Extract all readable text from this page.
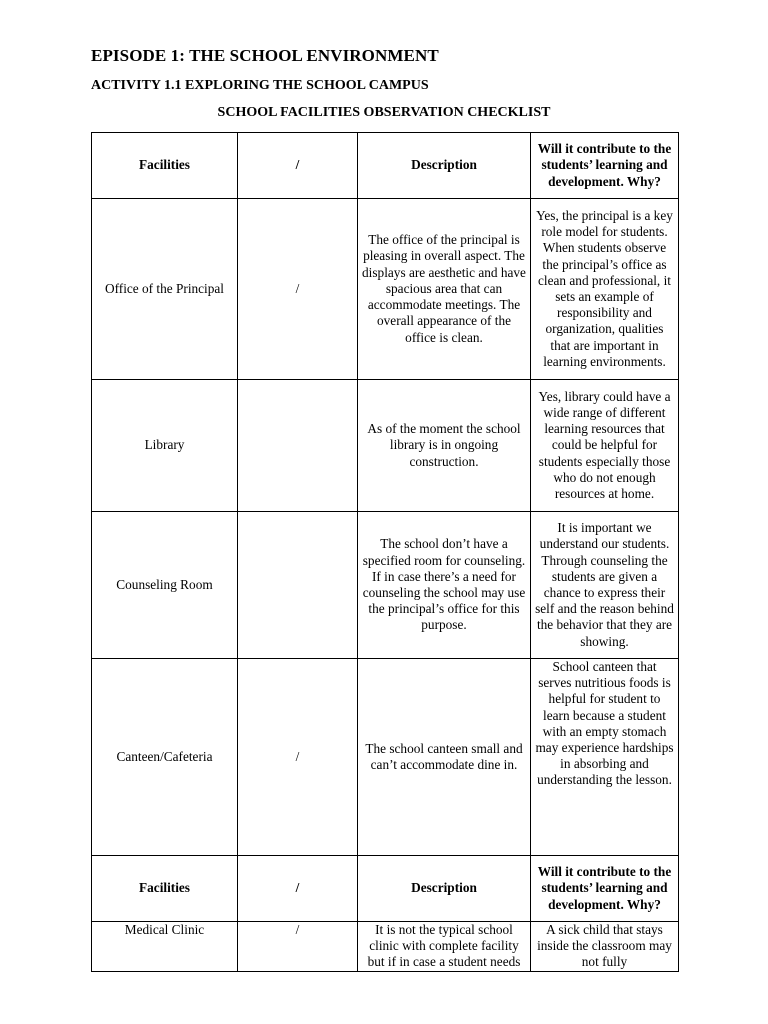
EPISODE 1: THE SCHOOL ENVIRONMENT
ACTIVITY 1.1 EXPLORING THE SCHOOL CAMPUS
SCHOOL FACILITIES OBSERVATION CHECKLIST
Facilities	/	Description	Will it contribute to the students’ learning and development. Why?
Office of the Principal	/	The office of the principal is pleasing in overall aspect. The displays are aesthetic and have spacious area that can accommodate meetings. The overall appearance of the office is clean.	Yes, the principal is a key role model for students. When students observe the principal’s office as clean and professional, it sets an example of responsibility and organization, qualities that are important in learning environments.
Library		As of the moment the school library is in ongoing construction.	Yes, library could have a wide range of different learning resources that could be helpful for students especially those who do not enough resources at home.
Counseling Room		The school don’t have a specified room for counseling. If in case there’s a need for counseling the school may use the principal’s office for this purpose.	It is important we understand our students. Through counseling the students are given a chance to express their self and the reason behind the behavior that they are showing.
Canteen/Cafeteria	/	The school canteen small and can’t accommodate dine in.	School canteen that serves nutritious foods is helpful for student to learn because a student with an empty stomach may experience hardships in absorbing and understanding the lesson.
Facilities	/	Description	Will it contribute to the students’ learning and development. Why?
Medical Clinic	/	It is not the typical school clinic with complete facility but if in case a student needs	A sick child that stays inside the classroom may not fully
